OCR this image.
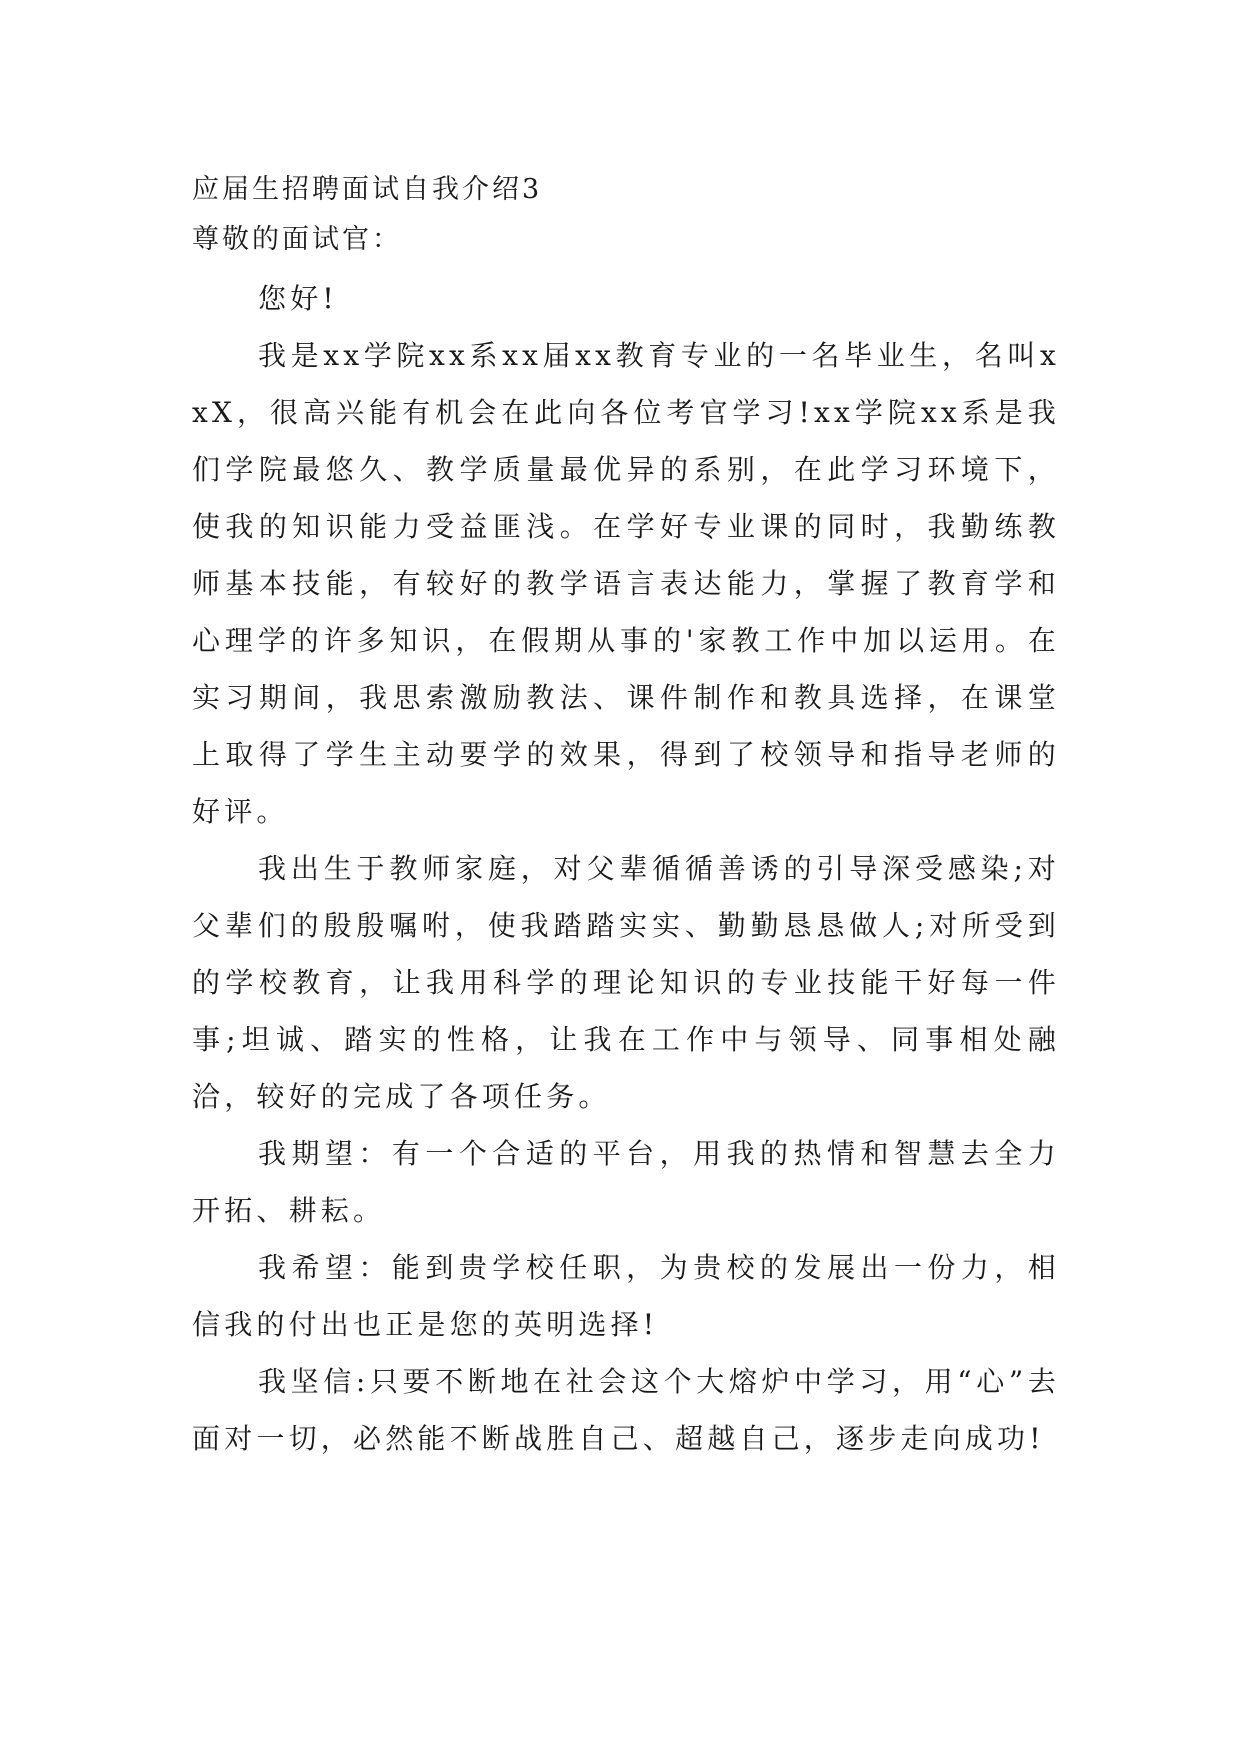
应届生招聘面试自我介绍3

尊敬的面试官：

您好!

我是xx学院xx系xx届xx教育专业的一名毕业生，名叫xxX，很高兴能有机会在此向各位考官学习!xx学院xx系是我们学院最悠久、教学质量最优异的系别，在此学习环境下，使我的知识能力受益匪浅。在学好专业课的同时，我勤练教师基本技能，有较好的教学语言表达能力，掌握了教育学和心理学的许多知识，在假期从事的'家教工作中加以运用。在实习期间，我思索激励教法、课件制作和教具选择，在课堂上取得了学生主动要学的效果，得到了校领导和指导老师的好评。

我出生于教师家庭，对父辈循循善诱的引导深受感染;对父辈们的殷殷嘱咐，使我踏踏实实、勤勤恳恳做人;对所受到的学校教育，让我用科学的理论知识的专业技能干好每一件事;坦诚、踏实的性格，让我在工作中与领导、同事相处融洽，较好的完成了各项任务。

我期望：有一个合适的平台，用我的热情和智慧去全力开拓、耕耘。

我希望：能到贵学校任职，为贵校的发展出一份力，相信我的付出也正是您的英明选择!

我坚信:只要不断地在社会这个大熔炉中学习，用“心”去面对一切，必然能不断战胜自己、超越自己，逐步走向成功!
